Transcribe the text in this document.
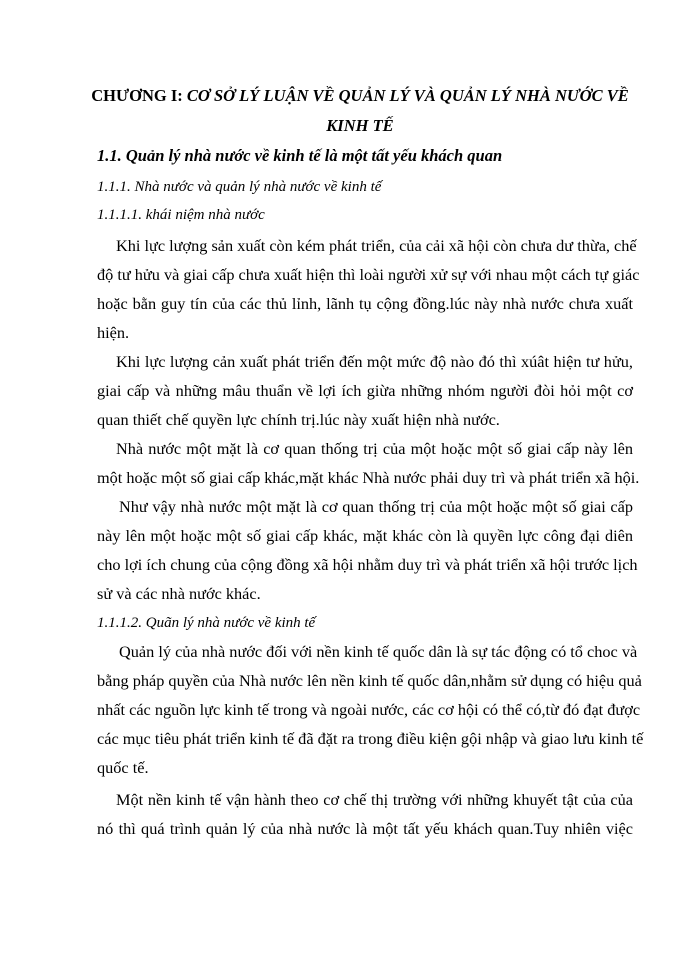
CHƯƠNG I: CƠ SỞ LÝ LUẬN VỀ QUẢN LÝ VÀ QUẢN LÝ NHÀ NƯỚC VỀ
KINH TẾ
1.1. Quản lý nhà nước về kinh tế là một tất yếu khách quan
1.1.1. Nhà nước và quản lý nhà nước về kinh tế
1.1.1.1. khái niệm nhà nước
Khi lực lượng sản xuất còn kém phát triển, của cải xã hội còn chưa dư thừa, chế
độ tư hửu và giai cấp chưa xuất hiện thì loài người xử sự với nhau một cách tự giác
hoặc bằn guy tín của các thủ lỉnh, lãnh tụ cộng đồng.lúc này nhà nước chưa xuất
hiện.
Khi lực lượng cản xuất phát triển đến một mức độ nào đó thì xúât hiện tư hửu,
giai cấp và những mâu thuẩn về lợi ích giừa những nhóm người đòi hỏi một cơ
quan thiết chế quyền lực chính trị.lúc này xuất hiện nhà nước.
Nhà nước một mặt là cơ quan thống trị của một hoặc một số giai cấp này lên
một hoặc một số giai cấp khác,mặt khác Nhà nước phải duy trì và phát triển xã hội.
Như vậy nhà nước một mặt là cơ quan thống trị của một hoặc một số giai cấp
này lên một hoặc một số giai cấp khác, mặt khác còn là quyền lực công đại diên
cho lợi ích chung của cộng đồng xã hội nhằm duy trì và phát triển xã hội trước lịch
sử và các nhà nước khác.
1.1.1.2. Quãn lý nhà nước về kinh tế
Quản lý của nhà nước đối với nền kinh tế quốc dân là sự tác động có tổ choc và
bằng pháp quyền của Nhà nước lên nền kinh tế quốc dân,nhằm sử dụng có hiệu quả
nhất các nguồn lực kinh tế trong và ngoài nước, các cơ hội có thể có,từ đó đạt được
các mục tiêu phát triển kinh tế đã đặt ra trong điều kiện gội nhập và giao lưu kinh tế
quốc tế.
Một nền kinh tế vận hành theo cơ chế thị trường với những khuyết tật của của
nó thì quá trình quản lý của nhà nước là một tất yếu khách quan.Tuy nhiên việc
